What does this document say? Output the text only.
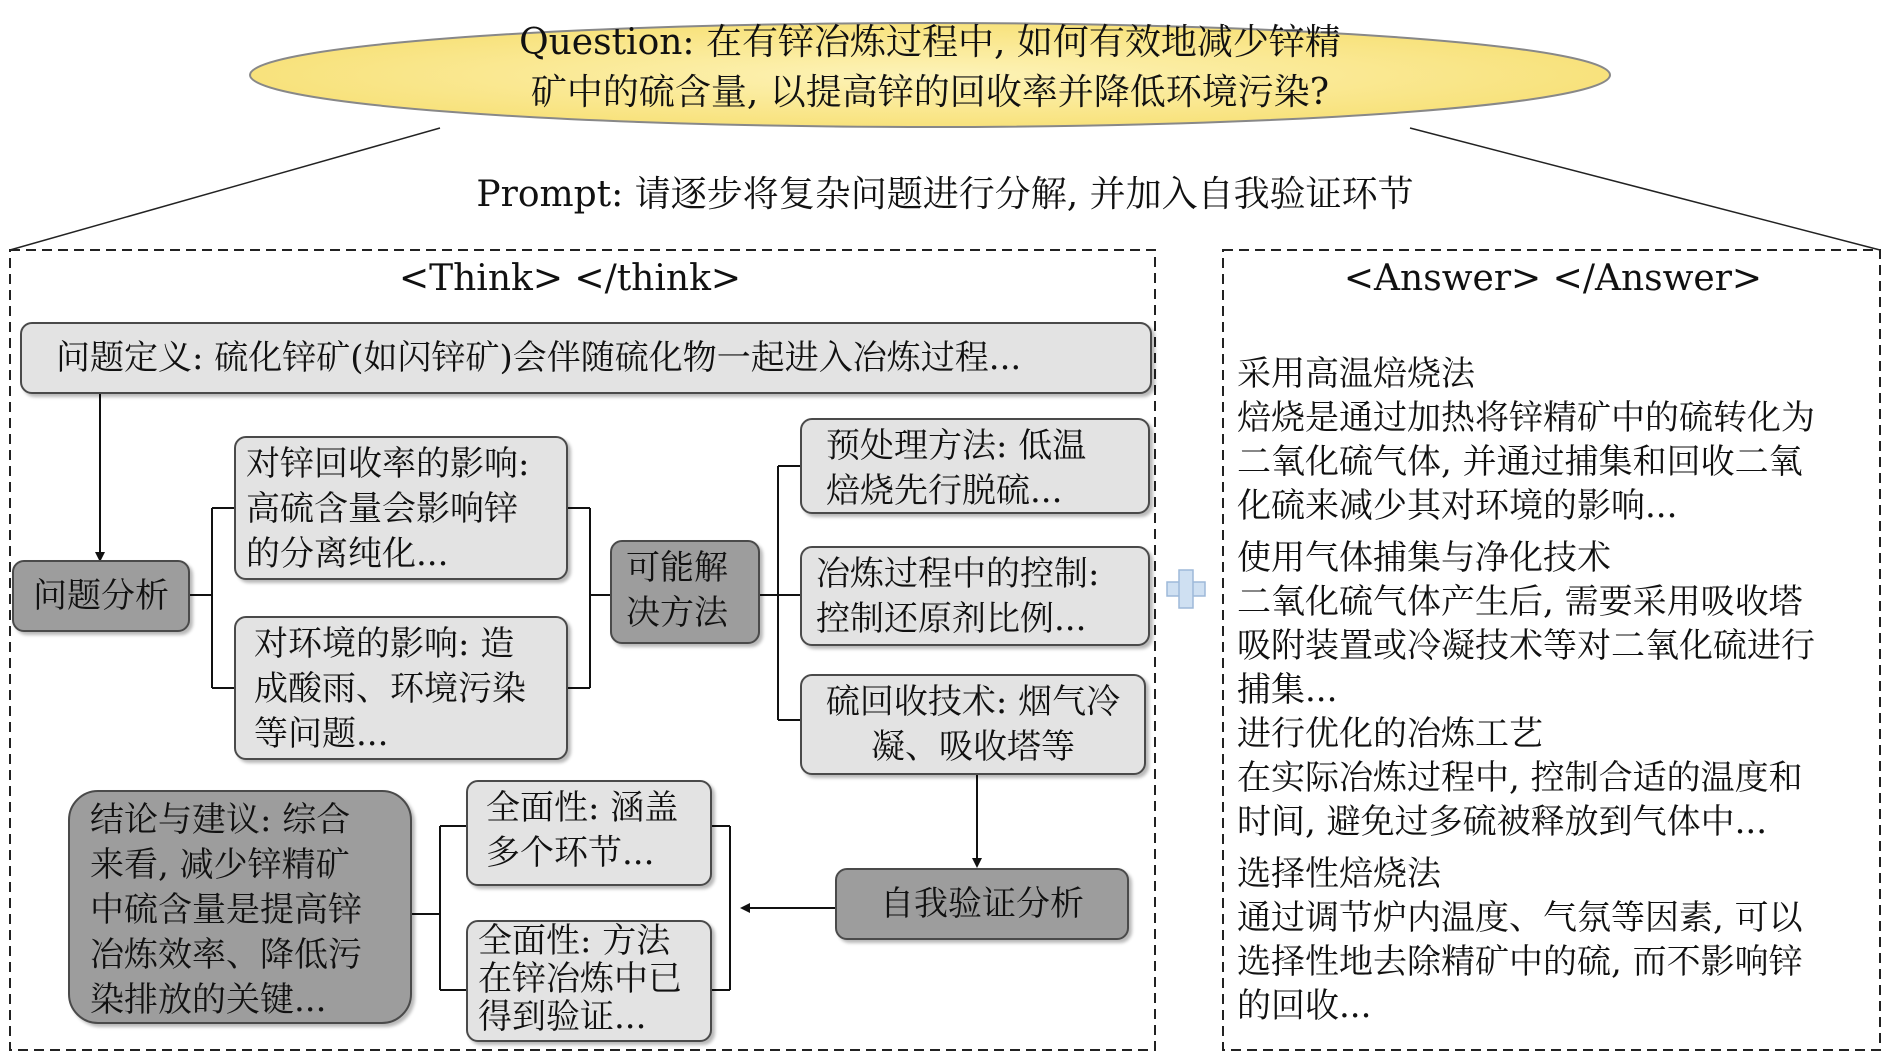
Question: 在有锌冶炼过程中, 如何有效地减少锌精
矿中的硫含量, 以提高锌的回收率并降低环境污染?
Prompt: 请逐步将复杂问题进行分解, 并加入自我验证环节
<Think> </think>	<Answer> </Answer>
问题定义: 硫化锌矿(如闪锌矿)会伴随硫化物一起进入冶炼过程...
问题分析
对锌回收率的影响:
高硫含量会影响锌
的分离纯化...
对环境的影响: 造
成酸雨、环境污染
等问题...
可能解
决方法
预处理方法: 低温
焙烧先行脱硫...
冶炼过程中的控制:
控制还原剂比例...
硫回收技术: 烟气冷
凝、吸收塔等
自我验证分析
全面性: 涵盖
多个环节...
全面性: 方法
在锌冶炼中已
得到验证...
结论与建议: 综合
来看, 减少锌精矿
中硫含量是提高锌
冶炼效率、降低污
染排放的关键...
采用高温焙烧法
焙烧是通过加热将锌精矿中的硫转化为
二氧化硫气体, 并通过捕集和回收二氧
化硫来减少其对环境的影响...
使用气体捕集与净化技术
二氧化硫气体产生后, 需要采用吸收塔
吸附装置或冷凝技术等对二氧化硫进行
捕集...
进行优化的冶炼工艺
在实际冶炼过程中, 控制合适的温度和
时间, 避免过多硫被释放到气体中...
选择性焙烧法
通过调节炉内温度、气氛等因素, 可以
选择性地去除精矿中的硫, 而不影响锌
的回收...
